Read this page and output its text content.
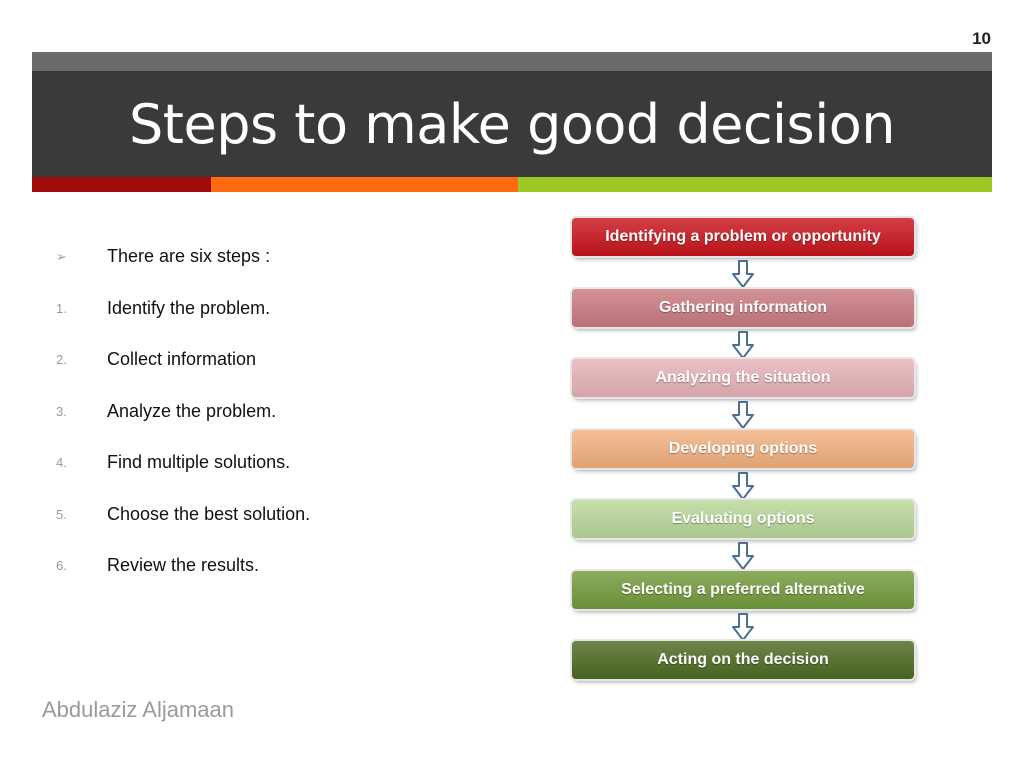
10
Steps to make good decision
➢	There are six steps :
1.	Identify the problem.
2.	Collect information
3.	Analyze the problem.
4.	Find multiple solutions.
5.	Choose the best solution.
6.	Review the results.
Identifying a problem or opportunity
Gathering information
Analyzing the situation
Developing options
Evaluating options
Selecting a preferred alternative
Acting on the decision
Abdulaziz Aljamaan
